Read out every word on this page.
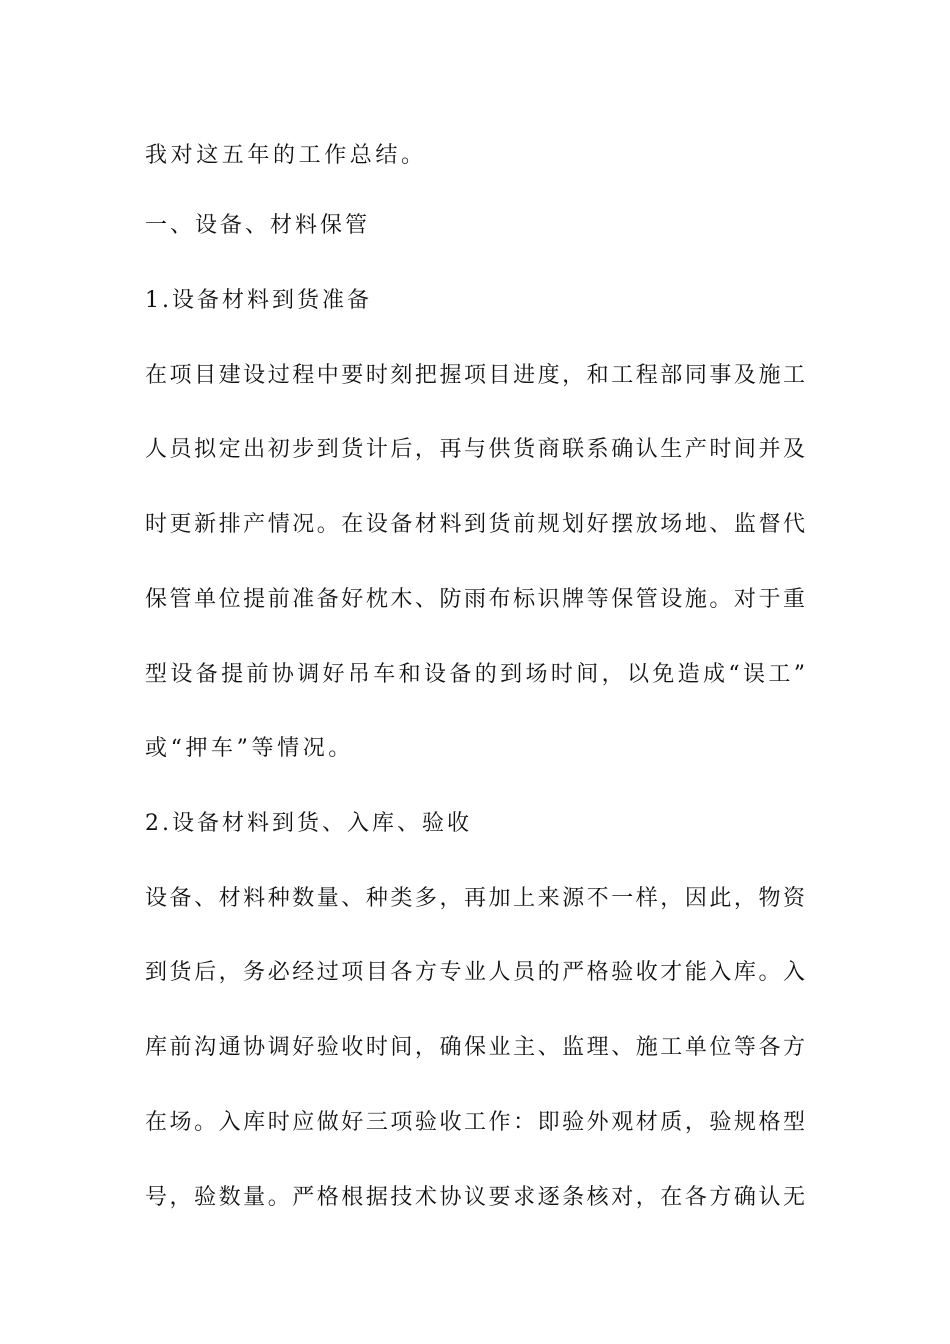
我对这五年的工作总结。
一、设备、材料保管
1.设备材料到货准备
在项目建设过程中要时刻把握项目进度，和工程部同事及施工
人员拟定出初步到货计后，再与供货商联系确认生产时间并及
时更新排产情况。在设备材料到货前规划好摆放场地、监督代
保管单位提前准备好枕木、防雨布标识牌等保管设施。对于重
型设备提前协调好吊车和设备的到场时间，以免造成“误工”
或“押车”等情况。
2.设备材料到货、入库、验收
设备、材料种数量、种类多，再加上来源不一样，因此，物资
到货后，务必经过项目各方专业人员的严格验收才能入库。入
库前沟通协调好验收时间，确保业主、监理、施工单位等各方
在场。入库时应做好三项验收工作：即验外观材质，验规格型
号，验数量。严格根据技术协议要求逐条核对，在各方确认无
